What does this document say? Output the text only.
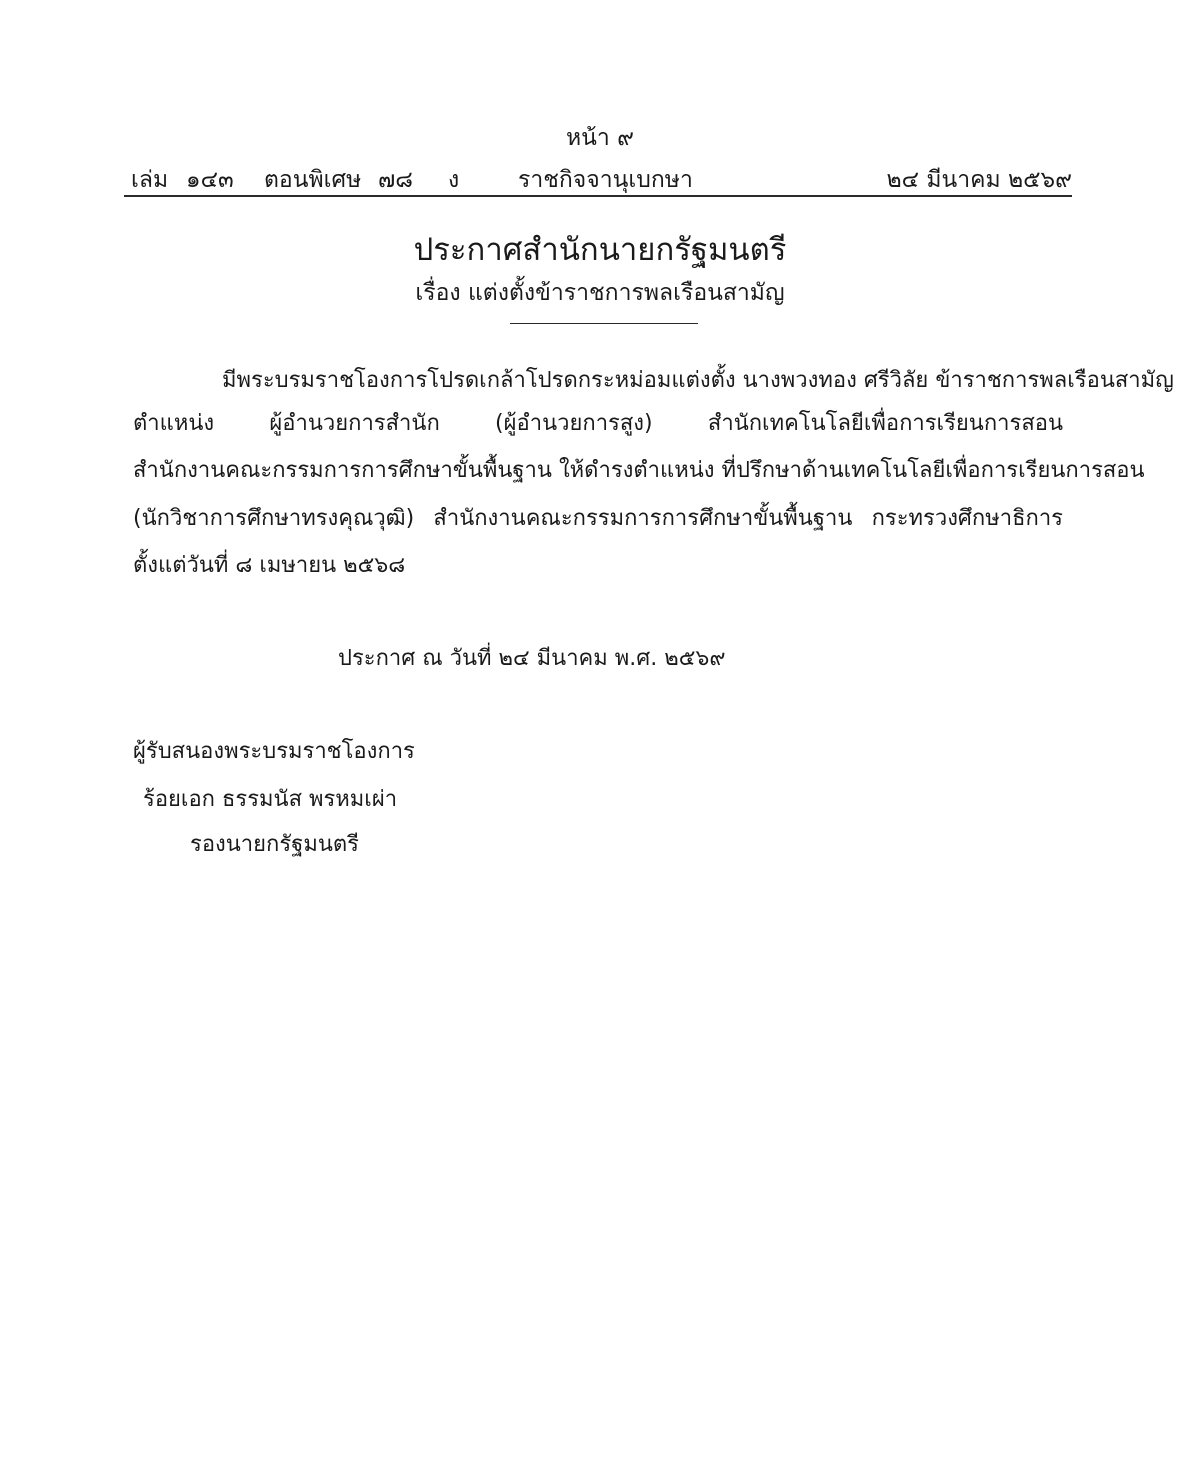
หน้า ๙
เล่ม ๑๔๓ ตอนพิเศษ ๗๘ ง	ราชกิจจานุเบกษา	๒๔ มีนาคม ๒๕๖๙
ประกาศสำนักนายกรัฐมนตรี
เรื่อง แต่งตั้งข้าราชการพลเรือนสามัญ
มีพระบรมราชโองการโปรดเกล้าโปรดกระหม่อมแต่งตั้ง นางพวงทอง ศรีวิลัย ข้าราชการพลเรือนสามัญ
ตำแหน่ง ผู้อำนวยการสำนัก (ผู้อำนวยการสูง) สำนักเทคโนโลยีเพื่อการเรียนการสอน
สำนักงานคณะกรรมการการศึกษาขั้นพื้นฐาน ให้ดำรงตำแหน่ง ที่ปรึกษาด้านเทคโนโลยีเพื่อการเรียนการสอน
(นักวิชาการศึกษาทรงคุณวุฒิ) สำนักงานคณะกรรมการการศึกษาขั้นพื้นฐาน กระทรวงศึกษาธิการ
ตั้งแต่วันที่ ๘ เมษายน ๒๕๖๘
ประกาศ ณ วันที่ ๒๔ มีนาคม พ.ศ. ๒๕๖๙
ผู้รับสนองพระบรมราชโองการ
ร้อยเอก ธรรมนัส พรหมเผ่า
รองนายกรัฐมนตรี
